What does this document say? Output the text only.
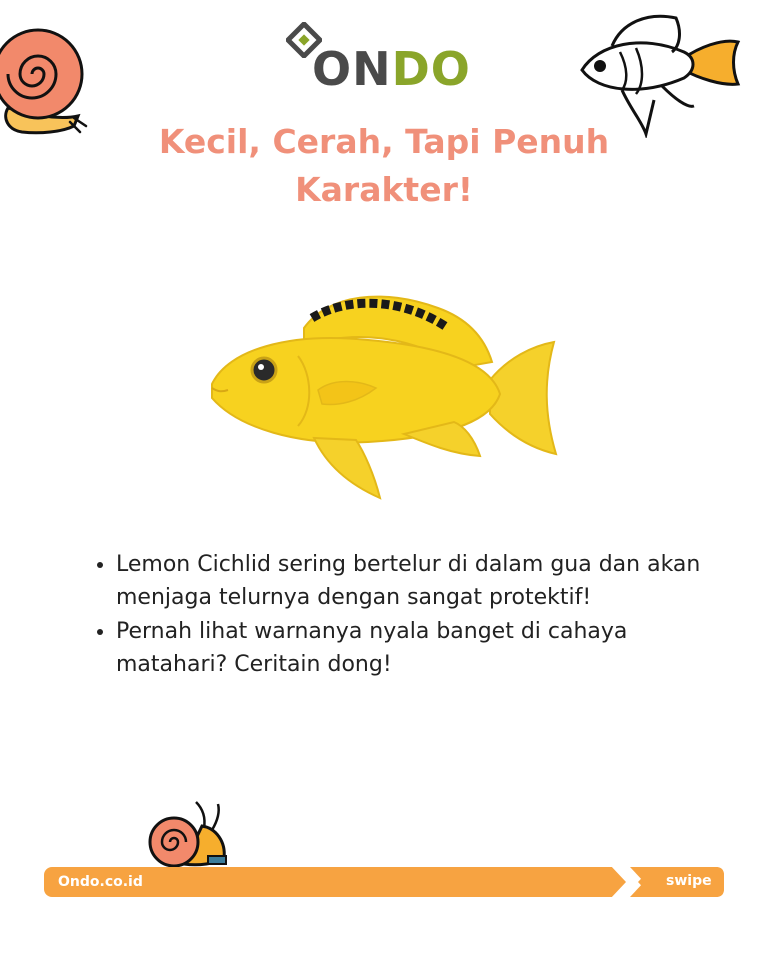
ONDO
Kecil, Cerah, Tapi Penuh Karakter!
• Lemon Cichlid sering bertelur di dalam gua dan akan menjaga telurnya dengan sangat protektif!
• Pernah lihat warnanya nyala banget di cahaya matahari? Ceritain dong!
Ondo.co.id	swipe
